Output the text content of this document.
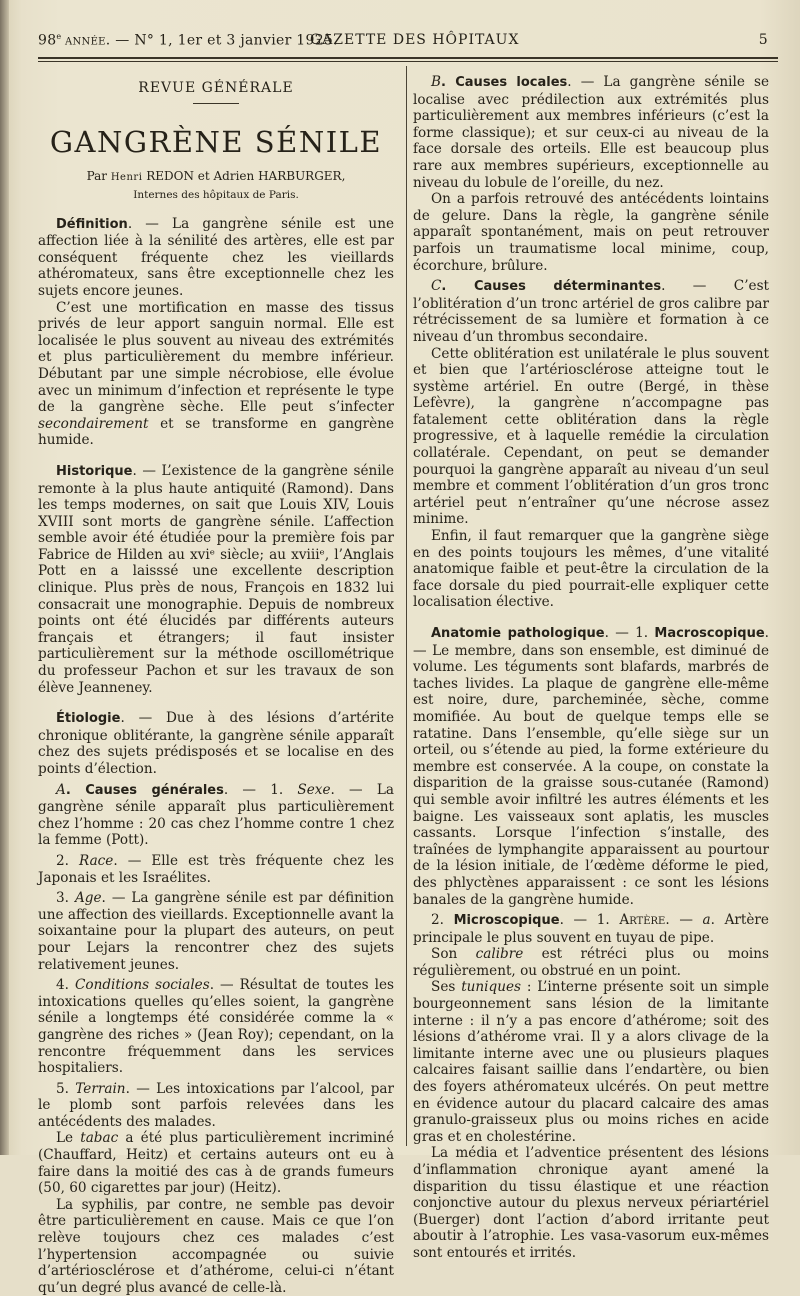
98e ANNÉE. — N° 1, 1er et 3 janvier 1925.
GAZETTE DES HÔPITAUX	5
REVUE GÉNÉRALE
GANGRÈNE SÉNILE
Par Henri REDON et Adrien HARBURGER,
Internes des hôpitaux de Paris.

Définition. — La gangrène sénile est une affection liée à la sénilité des artères, elle est par conséquent fréquente chez les vieillards athéromateux, sans être exceptionnelle chez les sujets encore jeunes.

C’est une mortification en masse des tissus privés de leur apport sanguin normal. Elle est localisée le plus souvent au niveau des extrémités et plus particulièrement du membre inférieur. Débutant par une simple nécrobiose, elle évolue avec un minimum d’infection et représente le type de la gangrène sèche. Elle peut s’infecter secondairement et se transforme en gangrène humide.

Historique. — L’existence de la gangrène sénile remonte à la plus haute antiquité (Ramond). Dans les temps modernes, on sait que Louis XIV, Louis XVIII sont morts de gangrène sénile. L’affection semble avoir été étudiée pour la première fois par Fabrice de Hilden au xviᵉ siècle; au xviiiᵉ, l’Anglais Pott en a laisssé une excellente description clinique. Plus près de nous, François en 1832 lui consacrait une monographie. Depuis de nombreux points ont été élucidés par différents auteurs français et étrangers; il faut insister particulièrement sur la méthode oscillométrique du professeur Pachon et sur les travaux de son élève Jeanneney.

Étiologie. — Due à des lésions d’artérite chronique oblitérante, la gangrène sénile apparaît chez des sujets prédisposés et se localise en des points d’élection.

A. Causes générales. — 1. Sexe. — La gangrène sénile apparaît plus particulièrement chez l’homme : 20 cas chez l’homme contre 1 chez la femme (Pott).

2. Race. — Elle est très fréquente chez les Japonais et les Israélites.

3. Age. — La gangrène sénile est par définition une affection des vieillards. Exceptionnelle avant la soixantaine pour la plupart des auteurs, on peut pour Lejars la rencontrer chez des sujets relativement jeunes.

4. Conditions sociales. — Résultat de toutes les intoxications quelles qu’elles soient, la gangrène sénile a longtemps été considérée comme la « gangrène des riches » (Jean Roy); cependant, on la rencontre fréquemment dans les services hospitaliers.

5. Terrain. — Les intoxications par l’alcool, par le plomb sont parfois relevées dans les antécédents des malades.

Le tabac a été plus particulièrement incriminé (Chauffard, Heitz) et certains auteurs ont eu à faire dans la moitié des cas à de grands fumeurs (50, 60 cigarettes par jour) (Heitz).

La syphilis, par contre, ne semble pas devoir être particulièrement en cause. Mais ce que l’on relève toujours chez ces malades c’est l’hypertension accompagnée ou suivie d’artériosclérose et d’athérome, celui-ci n’étant qu’un degré plus avancé de celle-là.

B. Causes locales. — La gangrène sénile se localise avec prédilection aux extrémités plus particulièrement aux membres inférieurs (c’est la forme classique); et sur ceux-ci au niveau de la face dorsale des orteils. Elle est beaucoup plus rare aux membres supérieurs, exceptionnelle au niveau du lobule de l’oreille, du nez.

On a parfois retrouvé des antécédents lointains de gelure. Dans la règle, la gangrène sénile apparaît spontanément, mais on peut retrouver parfois un traumatisme local minime, coup, écorchure, brûlure.

C. Causes déterminantes. — C’est l’oblitération d’un tronc artériel de gros calibre par rétrécissement de sa lumière et formation à ce niveau d’un thrombus secondaire.

Cette oblitération est unilatérale le plus souvent et bien que l’artériosclérose atteigne tout le système artériel. En outre (Bergé, in thèse Lefèvre), la gangrène n’accompagne pas fatalement cette oblitération dans la règle progressive, et à laquelle remédie la circulation collatérale. Cependant, on peut se demander pourquoi la gangrène apparaît au niveau d’un seul membre et comment l’oblitération d’un gros tronc artériel peut n’entraîner qu’une nécrose assez minime.

Enfin, il faut remarquer que la gangrène siège en des points toujours les mêmes, d’une vitalité anatomique faible et peut-être la circulation de la face dorsale du pied pourrait-elle expliquer cette localisation élective.

Anatomie pathologique. — 1. Macroscopique. — Le membre, dans son ensemble, est diminué de volume. Les téguments sont blafards, marbrés de taches livides. La plaque de gangrène elle-même est noire, dure, parcheminée, sèche, comme momifiée. Au bout de quelque temps elle se ratatine. Dans l’ensemble, qu’elle siège sur un orteil, ou s’étende au pied, la forme extérieure du membre est conservée. A la coupe, on constate la disparition de la graisse sous-cutanée (Ramond) qui semble avoir infiltré les autres éléments et les baigne. Les vaisseaux sont aplatis, les muscles cassants. Lorsque l’infection s’installe, des traînées de lymphangite apparaissent au pourtour de la lésion initiale, de l’œdème déforme le pied, des phlyctènes apparaissent : ce sont les lésions banales de la gangrène humide.

2. Microscopique. — 1. Artère. — a. Artère principale le plus souvent en tuyau de pipe.

Son calibre est rétréci plus ou moins régulièrement, ou obstrué en un point.

Ses tuniques : L’interne présente soit un simple bourgeonnement sans lésion de la limitante interne : il n’y a pas encore d’athérome; soit des lésions d’athérome vrai. Il y a alors clivage de la limitante interne avec une ou plusieurs plaques calcaires faisant saillie dans l’endartère, ou bien des foyers athéromateux ulcérés. On peut mettre en évidence autour du placard calcaire des amas granulo-graisseux plus ou moins riches en acide gras et en cholestérine.

La média et l’adventice présentent des lésions d’inflammation chronique ayant amené la disparition du tissu élastique et une réaction conjonctive autour du plexus nerveux périartériel (Buerger) dont l’action d’abord irritante peut aboutir à l’atrophie. Les vasa-vasorum eux-mêmes sont entourés et irrités.
